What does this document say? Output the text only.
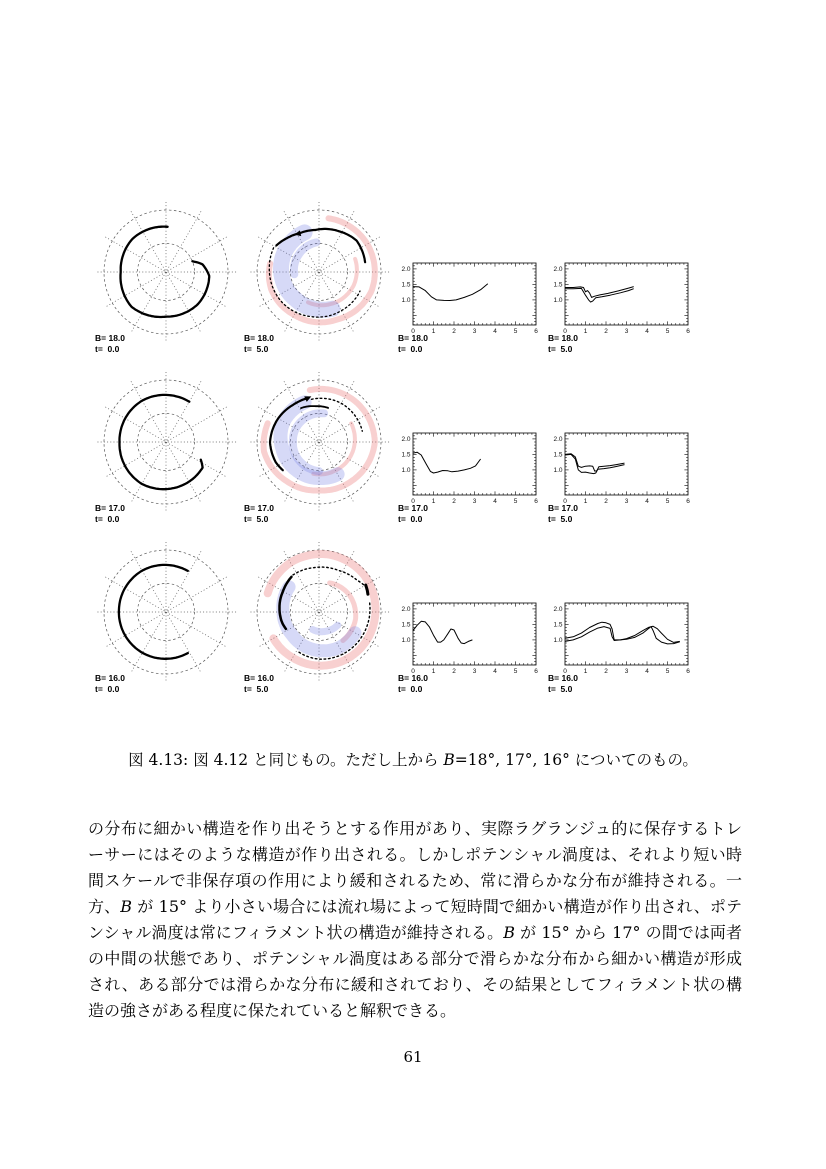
B= 18.0
t=  0.0
B= 18.0
t=  5.0
0	1	2	3	4	5	6
1.0
1.5
2.0
B= 18.0
t=  0.0
0	1	2	3	4	5	6
1.0
1.5
2.0
B= 18.0
t=  5.0
B= 17.0
t=  0.0
B= 17.0
t=  5.0
0	1	2	3	4	5	6
1.0
1.5
2.0
B= 17.0
t=  0.0
0	1	2	3	4	5	6
1.0
1.5
2.0
B= 17.0
t=  5.0
B= 16.0
t=  0.0
B= 16.0
t=  5.0
0	1	2	3	4	5	6
1.0
1.5
2.0
B= 16.0
t=  0.0
0	1	2	3	4	5	6
1.0
1.5
2.0
B= 16.0
t=  5.0
図 4.13: 図 4.12 と同じもの。ただし上から B=18°, 17°, 16° についてのもの。
の分布に細かい構造を作り出そうとする作用があり、実際ラグランジュ的に保存するトレーサーにはそのような構造が作り出される。しかしポテンシャル渦度は、それより短い時間スケールで非保存項の作用により緩和されるため、常に滑らかな分布が維持される。一方、B が 15° より小さい場合には流れ場によって短時間で細かい構造が作り出され、ポテンシャル渦度は常にフィラメント状の構造が維持される。B が 15° から 17° の間では両者の中間の状態であり、ポテンシャル渦度はある部分で滑らかな分布から細かい構造が形成され、ある部分では滑らかな分布に緩和されており、その結果としてフィラメント状の構造の強さがある程度に保たれていると解釈できる。
61
